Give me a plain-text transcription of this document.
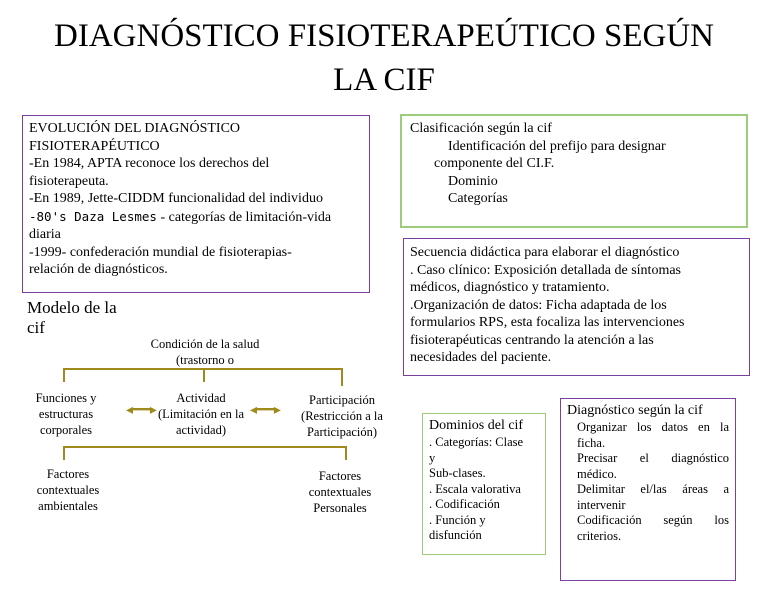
DIAGNÓSTICO FISIOTERAPEÚTICO SEGÚN
LA CIF
EVOLUCIÓN DEL DIAGNÓSTICO
FISIOTERAPÉUTICO
-En 1984, APTA reconoce los derechos del
fisioterapeuta.
-En 1989, Jette-CIDDM funcionalidad del individuo
-80's Daza Lesmes - categorías de limitación-vida
diaria
-1999- confederación mundial de fisioterapias-
relación de diagnósticos.
Clasificación según la cif
Identificación del prefijo para designar
componente del CI.F.
Dominio
Categorías
Secuencia didáctica para elaborar el diagnóstico
. Caso clínico: Exposición detallada de síntomas
médicos, diagnóstico y tratamiento.
.Organización de datos: Ficha adaptada de los
formularios RPS, esta focaliza las intervenciones
fisioterapéuticas centrando la atención a las
necesidades del paciente.
Modelo de la
cif
Condición de la salud
(trastorno o
Funciones y
estructuras
corporales
◂━━▸
Actividad
(Limitación en la
actividad)
◂━━▸
Participación
(Restricción a la
Participación)
Factores
contextuales
ambientales
Factores
contextuales
Personales
Dominios del cif
. Categorías: Clase
y
Sub-clases.
. Escala valorativa
. Codificación
. Función y
disfunción
Diagnóstico según la cif
Organizar los datos en la
ficha.
Precisar el diagnóstico
médico.
Delimitar el/las áreas a
intervenir
Codificación según los
criterios.
